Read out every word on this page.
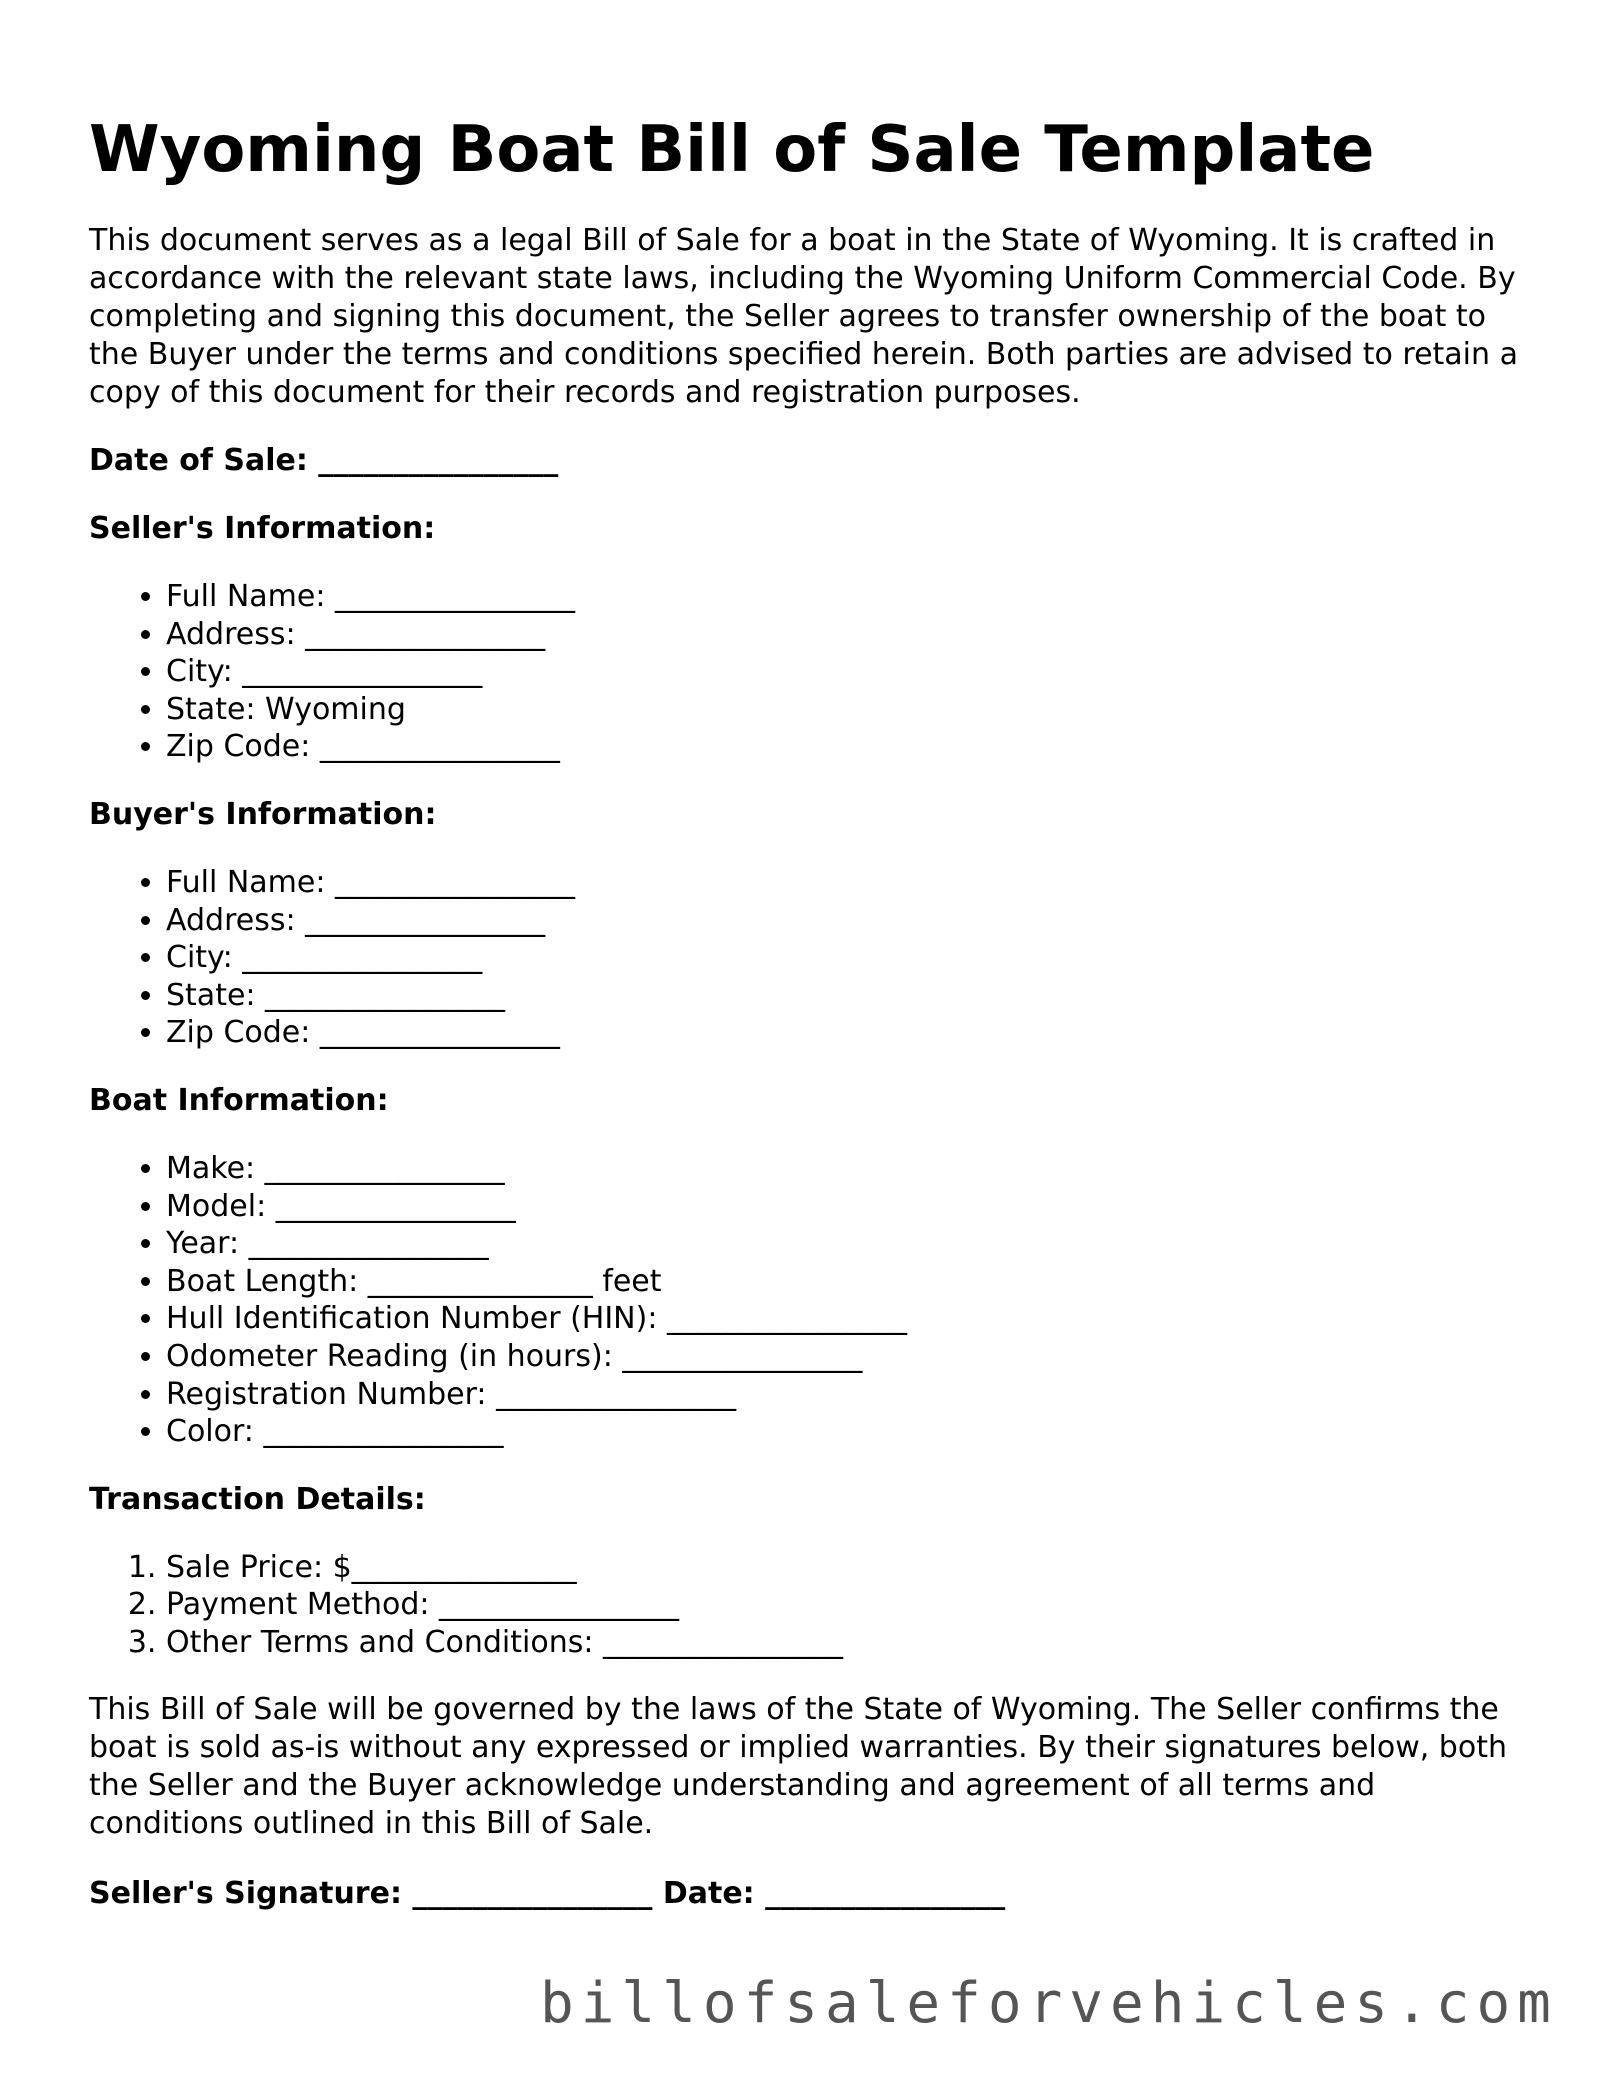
Wyoming Boat Bill of Sale Template

This document serves as a legal Bill of Sale for a boat in the State of Wyoming. It is crafted in accordance with the relevant state laws, including the Wyoming Uniform Commercial Code. By completing and signing this document, the Seller agrees to transfer ownership of the boat to the Buyer under the terms and conditions specified herein. Both parties are advised to retain a copy of this document for their records and registration purposes.

Date of Sale: ________________
Seller's Information:
• Full Name: ________________
• Address: ________________
• City: ________________
• State: Wyoming
• Zip Code: ________________
Buyer's Information:
• Full Name: ________________
• Address: ________________
• City: ________________
• State: ________________
• Zip Code: ________________
Boat Information:
• Make: ________________
• Model: ________________
• Year: ________________
• Boat Length: _______________ feet
• Hull Identification Number (HIN): ________________
• Odometer Reading (in hours): ________________
• Registration Number: ________________
• Color: ________________
Transaction Details:
1. Sale Price: $_______________
2. Payment Method: ________________
3. Other Terms and Conditions: ________________

This Bill of Sale will be governed by the laws of the State of Wyoming. The Seller confirms the boat is sold as-is without any expressed or implied warranties. By their signatures below, both the Seller and the Buyer acknowledge understanding and agreement of all terms and conditions outlined in this Bill of Sale.

Seller's Signature: ________________ Date: ________________
billofsaleforvehicles.com
